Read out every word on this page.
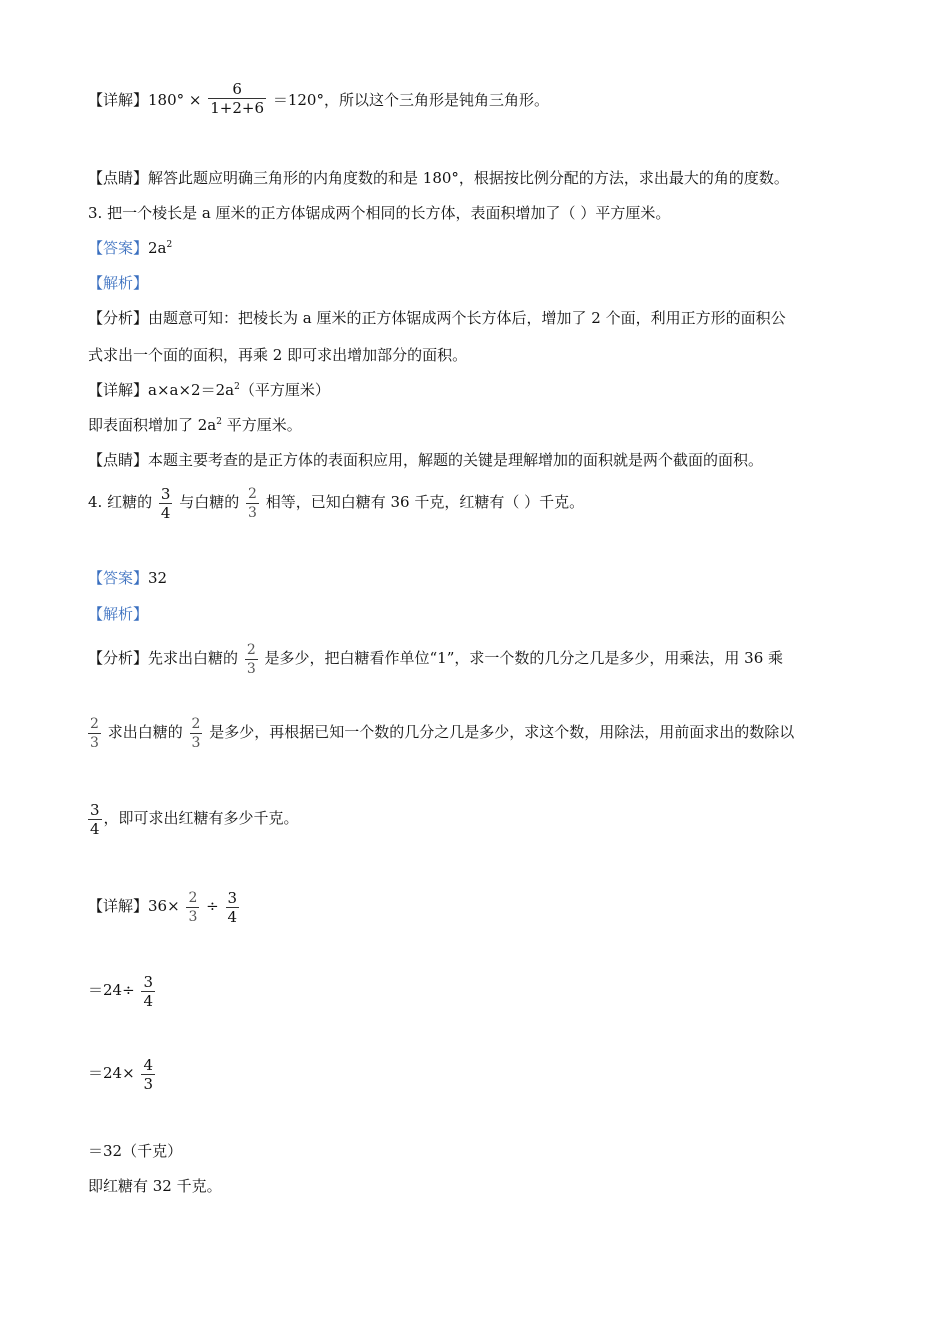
【详解】$180^\circ \times \frac{6}{1+2+6} =120^\circ$，所以这个三角形是钝角三角形。
【点睛】解答此题应明确三角形的内角度数的和是 180°，根据按比例分配的方法，求出最大的角的度数。
3. 把一个棱长是 a 厘米的正方体锯成两个相同的长方体，表面积增加了（ ）平方厘米。
【答案】$2a^2$
【解析】
【分析】由题意可知：把棱长为 a 厘米的正方体锯成两个长方体后，增加了 2 个面，利用正方形的面积公
式求出一个面的面积，再乘 2 即可求出增加部分的面积。
【详解】$a\times a\times 2=2a^2$（平方厘米）
即表面积增加了 $2a^2$ 平方厘米。
【点睛】本题主要考查的是正方体的表面积应用，解题的关键是理解增加的面积就是两个截面的面积。
4. 红糖的 $\frac{3}{4}$ 与白糖的 $\frac{2}{3}$ 相等，已知白糖有 36 千克，红糖有（ ）千克。
【答案】32
【解析】
【分析】先求出白糖的 $\frac{2}{3}$ 是多少，把白糖看作单位“1”，求一个数的几分之几是多少，用乘法，用 36 乘
$\frac{2}{3}$ 求出白糖的 $\frac{2}{3}$ 是多少，再根据已知一个数的几分之几是多少，求这个数，用除法，用前面求出的数除以
$\frac{3}{4}$ ，即可求出红糖有多少千克。
【详解】$36\times \frac{2}{3} \div \frac{3}{4}$
$=24\div \frac{3}{4}$
$=24\times \frac{4}{3}$
＝32（千克）
即红糖有 32 千克。
